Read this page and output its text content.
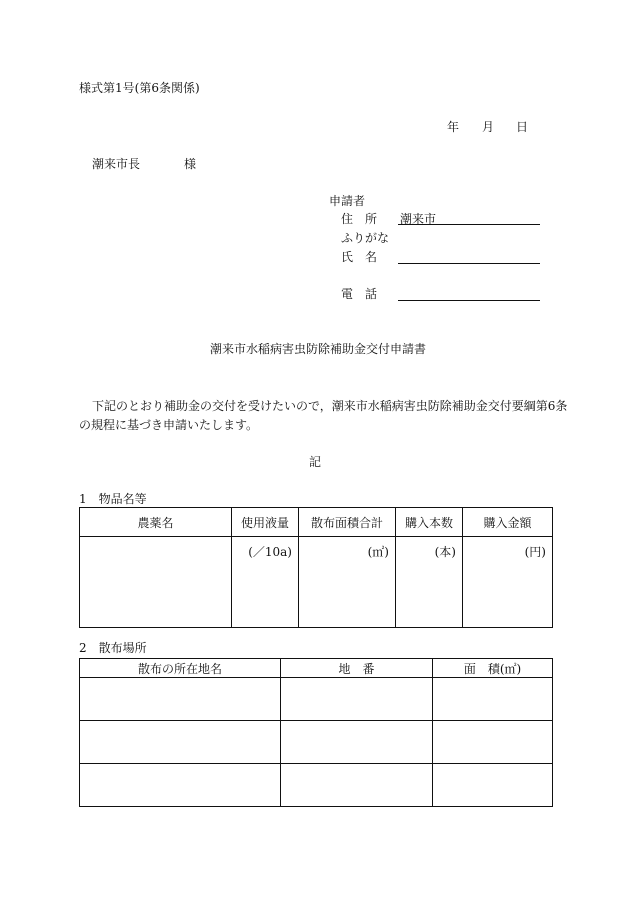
様式第1号(第6条関係)
年 月 日
潮来市長	様
申請者
住　所 潮来市
ふりがな
氏　名
電　話
潮来市水稲病害虫防除補助金交付申請書
下記のとおり補助金の交付を受けたいので，潮来市水稲病害虫防除補助金交付要綱第6条
の規程に基づき申請いたします。
記
1　物品名等
農薬名	使用液量	散布面積合計	購入本数	購入金額
	(／10a)	(㎡)	(本)	(円)
2　散布場所
散布の所在地名	地　番	面　積(㎡)
